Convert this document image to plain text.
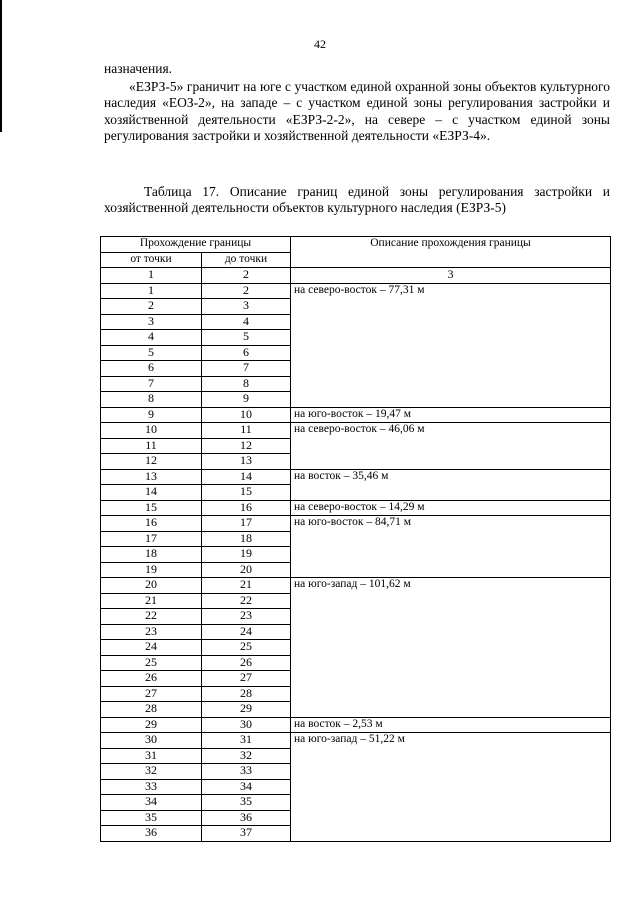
42
назначения.
«ЕЗРЗ-5» граничит на юге с участком единой охранной зоны объектов культурного наследия «ЕОЗ-2», на западе – с участком единой зоны регулирования застройки и хозяйственной деятельности «ЕЗРЗ-2-2», на севере – с участком единой зоны регулирования застройки и хозяйственной деятельности «ЕЗРЗ-4».
Таблица 17. Описание границ единой зоны регулирования застройки и хозяйственной деятельности объектов культурного наследия (ЕЗРЗ-5)
Прохождение границы		Описание прохождения границы
от точки	до точки	
1	2	3
1	2	на северо-восток – 77,31 м
2	3	
3	4	
4	5	
5	6	
6	7	
7	8	
8	9	
9	10	на юго-восток – 19,47 м
10	11	на северо-восток – 46,06 м
11	12	
12	13	
13	14	на восток – 35,46 м
14	15	
15	16	на северо-восток – 14,29 м
16	17	на юго-восток – 84,71 м
17	18	
18	19	
19	20	
20	21	на юго-запад – 101,62 м
21	22	
22	23	
23	24	
24	25	
25	26	
26	27	
27	28	
28	29	
29	30	на восток – 2,53 м
30	31	на юго-запад – 51,22 м
31	32	
32	33	
33	34	
34	35	
35	36	
36	37	
